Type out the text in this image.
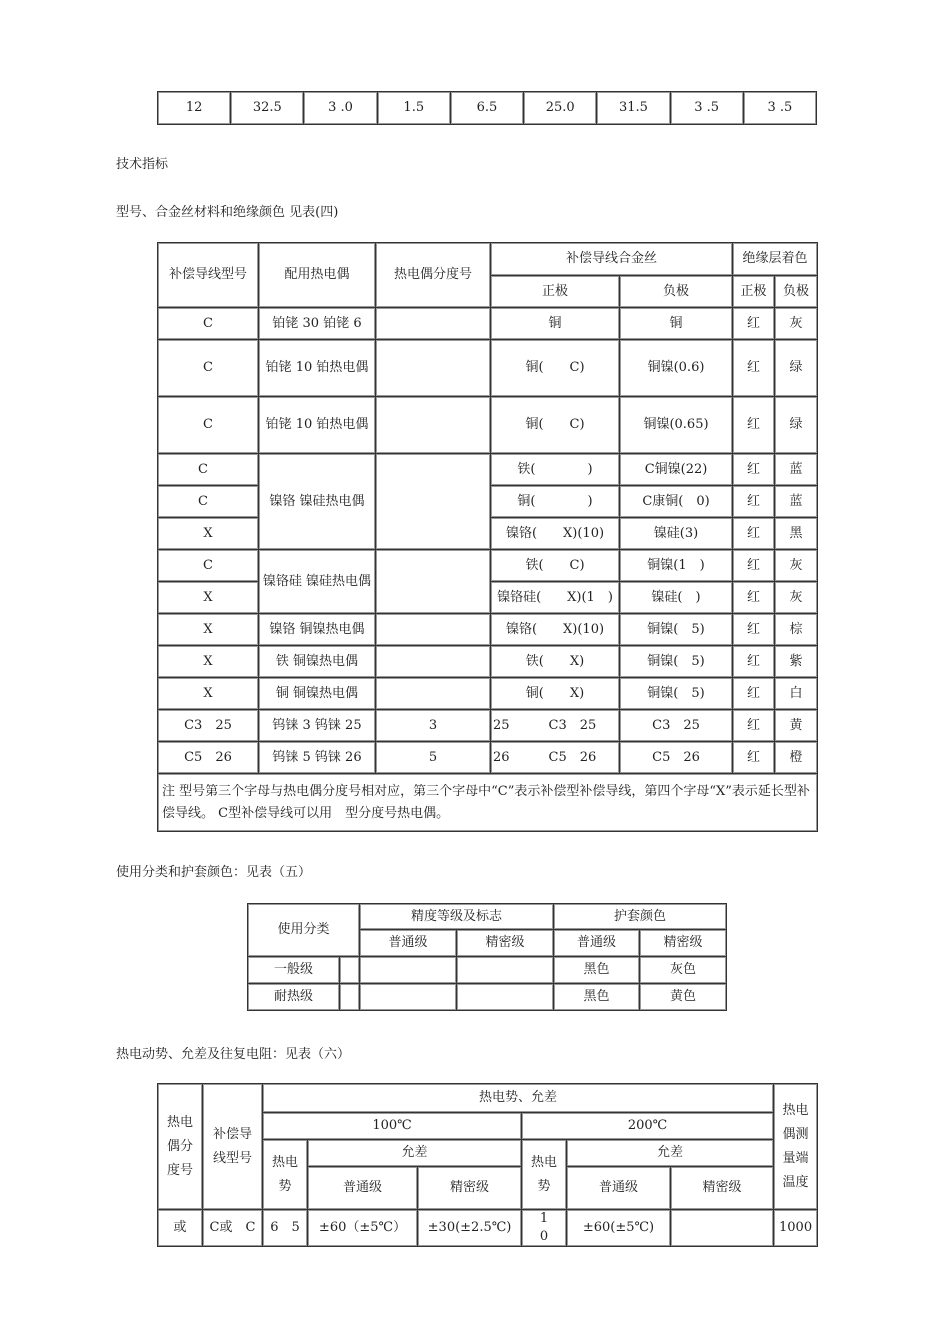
12	32.5	3 .0	1.5	6.5	25.0	31.5	3 .5	3 .5
技术指标
型号、合金丝材料和绝缘颜色 见表(四)
补偿导线型号	配用热电偶	热电偶分度号	补偿导线合金丝		绝缘层着色	
			正极	负极	正极	负极
C	铂铑 30 铂铑 6		铜	铜	红	灰
C	铂铑 10 铂热电偶		铜(　　C)	铜镍(0.6)	红	绿
C	铂铑 10 铂热电偶		铜(　　C)	铜镍(0.65)	红	绿
C	镍铬 镍硅热电偶		铁(　　　　)	C铜镍(22)	红	蓝
C			铜(　　　　)	C康铜(　0)	红	蓝
X			镍铬(　　X)(10)	镍硅(3)	红	黑
C	镍铬硅 镍硅热电偶		铁(　　C)	铜镍(1　)	红	灰
X			镍铬硅(　　X)(1　)	镍硅(　)	红	灰
X	镍铬 铜镍热电偶		镍铬(　　X)(10)	铜镍(　5)	红	棕
X	铁 铜镍热电偶		铁(　　X)	铜镍(　5)	红	紫
X	铜 铜镍热电偶		铜(　　X)	铜镍(　5)	红	白
C3　25	钨铼 3 钨铼 25	3	25　　　C3　25	C3　25	红	黄
C5　26	钨铼 5 钨铼 26	5	26　　　C5　26	C5　26	红	橙
注 型号第三个字母与热电偶分度号相对应，第三个字母中“C”表示补偿型补偿导线，第四个字母“X”表示延长型补偿导线。 C型补偿导线可以用　型分度号热电偶。						
使用分类和护套颜色：见表（五）
使用分类		精度等级及标志		护套颜色	
		普通级	精密级	普通级	精密级
一般级				黑色	灰色
耐热级				黑色	黄色
热电动势、允差及往复电阻：见表（六）
热电偶分度号	补偿导线型号	热电势、允差						热电偶测量端温度
		100℃			200℃			
		热电势	允差		热电势	允差		
			普通级	精密级		普通级	精密级	
或	C或　C	6　5	±60（±5℃）	±30(±2.5℃)	1　　0	±60(±5℃)		1000
